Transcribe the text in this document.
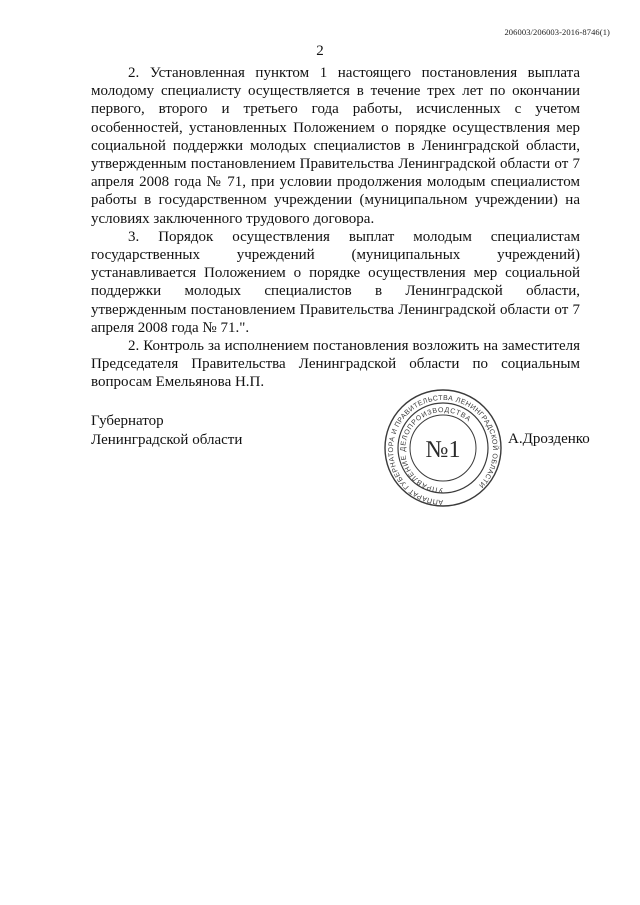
206003/206003-2016-8746(1)
2

2. Установленная пунктом 1 настоящего постановления выплата молодому специалисту осуществляется в течение трех лет по окончании первого, второго и третьего года работы, исчисленных с учетом особенностей, установленных Положением о порядке осуществления мер социальной поддержки молодых специалистов в Ленинградской области, утвержденным постановлением Правительства Ленинградской области от 7 апреля 2008 года № 71, при условии продолжения молодым специалистом работы в государственном учреждении (муниципальном учреждении) на условиях заключенного трудового договора.

3. Порядок осуществления выплат молодым специалистам государственных учреждений (муниципальных учреждений) устанавливается Положением о порядке осуществления мер социальной поддержки молодых специалистов в Ленинградской области, утвержденным постановлением Правительства Ленинградской области от 7 апреля 2008 года № 71.".

2. Контроль за исполнением постановления возложить на заместителя Председателя Правительства Ленинградской области по социальным вопросам Емельянова Н.П.

Губернатор
Ленинградской области
АППАРАТ ГУБЕРНАТОРА И ПРАВИТЕЛЬСТВА ЛЕНИНГРАДСКОЙ ОБЛАСТИ
УПРАВЛЕНИЕ ДЕЛОПРОИЗВОДСТВА
№1	А.Дрозденко
